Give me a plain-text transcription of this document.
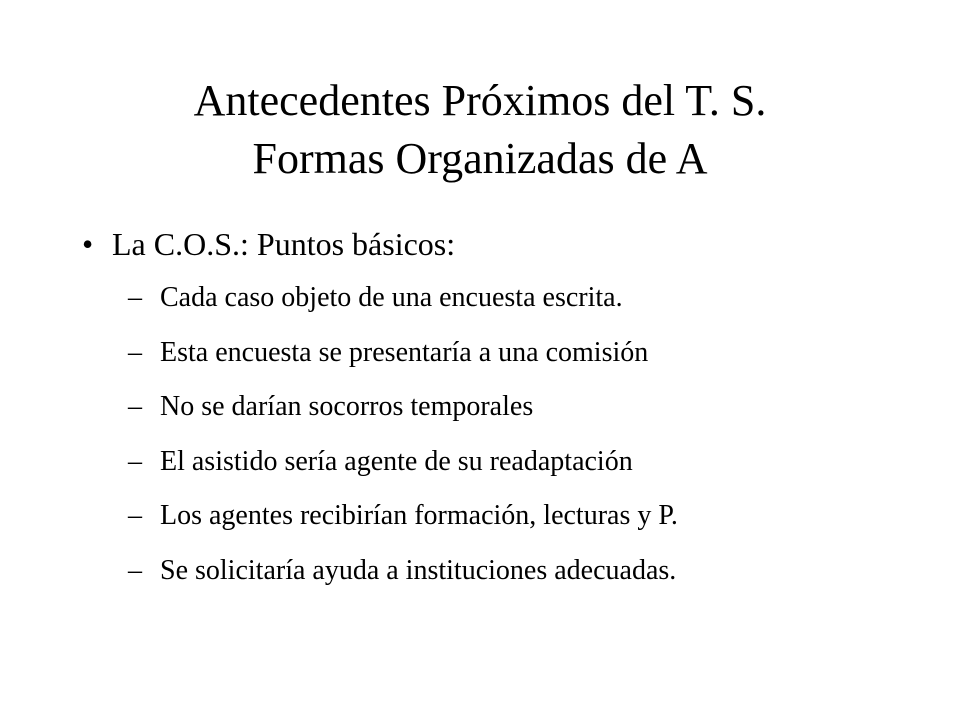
Antecedentes Próximos del T. S.
Formas Organizadas de A
• La C.O.S.: Puntos básicos:
– Cada caso objeto de una encuesta escrita.
– Esta encuesta se presentaría a una comisión
– No se darían socorros temporales
– El asistido sería agente de su readaptación
– Los agentes recibirían formación, lecturas y P.
– Se solicitaría ayuda a instituciones adecuadas.
